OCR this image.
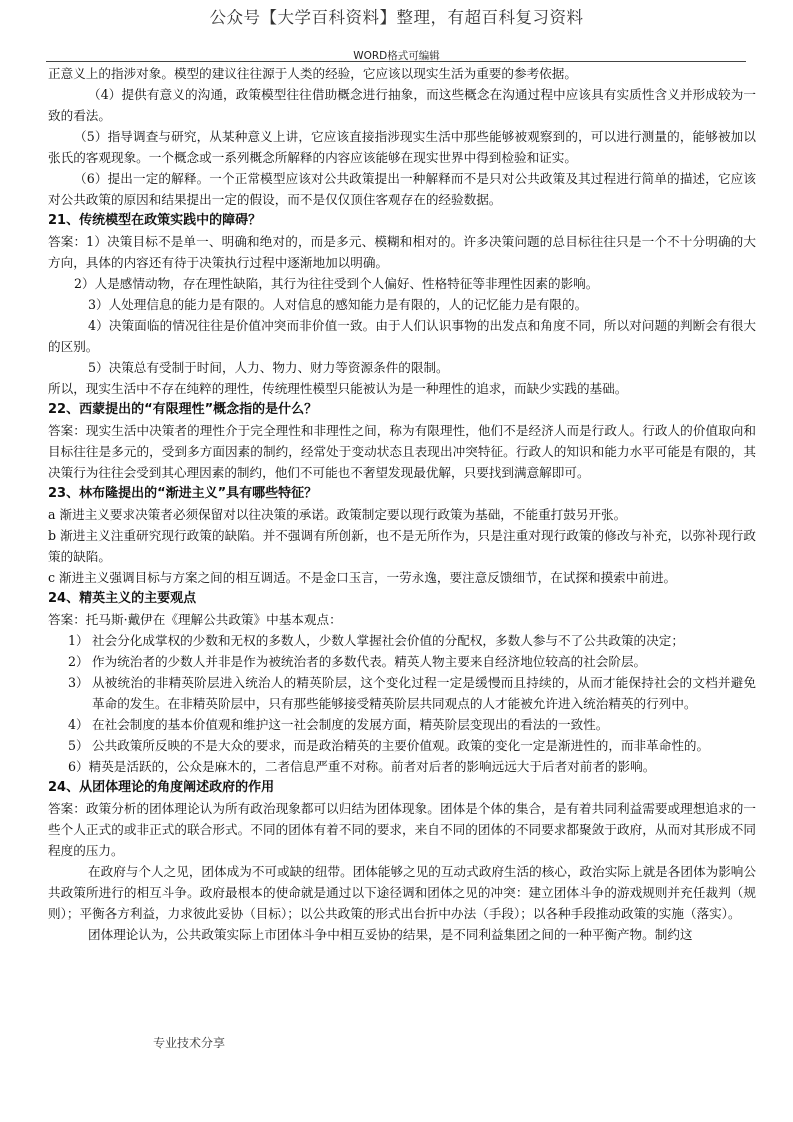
公众号【大学百科资料】整理，有超百科复习资料
WORD格式可编辑

正意义上的指涉对象。模型的建议往往源于人类的经验，它应该以现实生活为重要的参考依据。

（4）提供有意义的沟通，政策模型往往借助概念进行抽象，而这些概念在沟通过程中应该具有实质性含义并形成较为一致的看法。

（5）指导调查与研究，从某种意义上讲，它应该直接指涉现实生活中那些能够被观察到的，可以进行测量的，能够被加以张氏的客观现象。一个概念或一系列概念所解释的内容应该能够在现实世界中得到检验和证实。

（6）提出一定的解释。一个正常模型应该对公共政策提出一种解释而不是只对公共政策及其过程进行简单的描述，它应该对公共政策的原因和结果提出一定的假设，而不是仅仅顶住客观存在的经验数据。

21、传统模型在政策实践中的障碍？

答案：1）决策目标不是单一、明确和绝对的，而是多元、模糊和相对的。许多决策问题的总目标往往只是一个不十分明确的大方向，具体的内容还有待于决策执行过程中逐渐地加以明确。

2）人是感情动物，存在理性缺陷，其行为往往受到个人偏好、性格特征等非理性因素的影响。

3）人处理信息的能力是有限的。人对信息的感知能力是有限的，人的记忆能力是有限的。

4）决策面临的情况往往是价值冲突而非价值一致。由于人们认识事物的出发点和角度不同，所以对问题的判断会有很大的区别。

5）决策总有受制于时间，人力、物力、财力等资源条件的限制。

所以，现实生活中不存在纯粹的理性，传统理性模型只能被认为是一种理性的追求，而缺少实践的基础。

22、西蒙提出的“有限理性”概念指的是什么？

答案：现实生活中决策者的理性介于完全理性和非理性之间，称为有限理性，他们不是经济人而是行政人。行政人的价值取向和目标往往是多元的，受到多方面因素的制约，经常处于变动状态且表现出冲突特征。行政人的知识和能力水平可能是有限的，其决策行为往往会受到其心理因素的制约，他们不可能也不奢望发现最优解，只要找到满意解即可。

23、林布隆提出的“渐进主义”具有哪些特征？

a 渐进主义要求决策者必须保留对以往决策的承诺。政策制定要以现行政策为基础，不能重打鼓另开张。

b 渐进主义注重研究现行政策的缺陷。并不强调有所创新，也不是无所作为，只是注重对现行政策的修改与补充，以弥补现行政策的缺陷。

c 渐进主义强调目标与方案之间的相互调适。不是金口玉言，一劳永逸，要注意反馈细节，在试探和摸索中前进。

24、精英主义的主要观点

答案：托马斯·戴伊在《理解公共政策》中基本观点：

1） 社会分化成掌权的少数和无权的多数人，少数人掌握社会价值的分配权，多数人参与不了公共政策的决定；
2） 作为统治者的少数人并非是作为被统治者的多数代表。精英人物主要来自经济地位较高的社会阶层。
3） 从被统治的非精英阶层进入统治人的精英阶层，这个变化过程一定是缓慢而且持续的，从而才能保持社会的文档并避免革命的发生。在非精英阶层中，只有那些能够接受精英阶层共同观点的人才能被允许进入统治精英的行列中。
4） 在社会制度的基本价值观和维护这一社会制度的发展方面，精英阶层变现出的看法的一致性。
5） 公共政策所反映的不是大众的要求，而是政治精英的主要价值观。政策的变化一定是渐进性的，而非革命性的。

6）精英是活跃的，公众是麻木的，二者信息严重不对称。前者对后者的影响远远大于后者对前者的影响。

24、从团体理论的角度阐述政府的作用

答案：政策分析的团体理论认为所有政治现象都可以归结为团体现象。团体是个体的集合，是有着共同利益需要或理想追求的一些个人正式的或非正式的联合形式。不同的团体有着不同的要求，来自不同的团体的不同要求都聚敛于政府，从而对其形成不同程度的压力。

在政府与个人之见，团体成为不可或缺的纽带。团体能够之见的互动式政府生活的核心，政治实际上就是各团体为影响公共政策所进行的相互斗争。政府最根本的使命就是通过以下途径调和团体之见的冲突：建立团体斗争的游戏规则并充任裁判（规则）；平衡各方利益，力求彼此妥协（目标）；以公共政策的形式出台折中办法（手段）；以各种手段推动政策的实施（落实）。

团体理论认为，公共政策实际上市团体斗争中相互妥协的结果，是不同利益集团之间的一种平衡产物。制约这

专业技术分享
